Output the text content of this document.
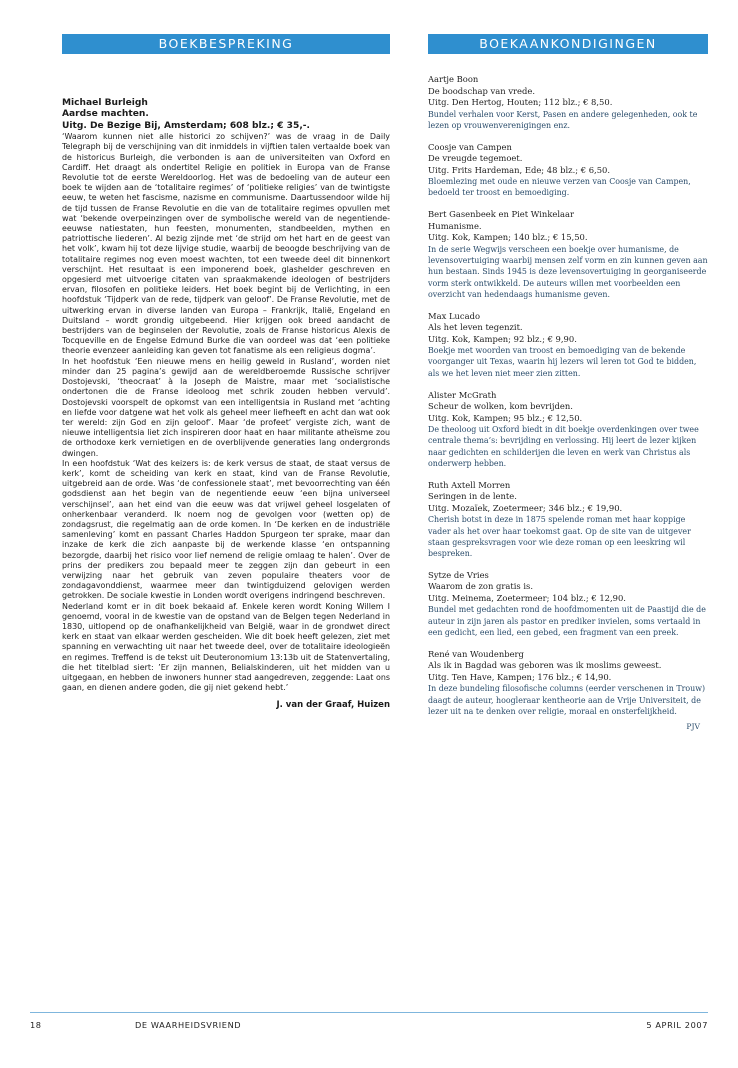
BOEKBESPREKING
Michael Burleigh
Aardse machten.
Uitg. De Bezige Bij, Amsterdam; 608 blz.; € 35,-.

‘Waarom kunnen niet alle historici zo schijven?’ was de vraag in de Daily Telegraph bij de verschijning van dit inmiddels in vijftien talen vertaalde boek van de historicus Burleigh, die verbonden is aan de universiteiten van Oxford en Cardiff. Het draagt als ondertitel Religie en politiek in Europa van de Franse Revolutie tot de eerste Wereldoorlog. Het was de bedoeling van de auteur een boek te wijden aan de ‘totalitaire regimes’ of ‘politieke religies’ van de twintigste eeuw, te weten het fascisme, nazisme en communisme. Daartussendoor wilde hij de tijd tussen de Franse Revolutie en die van de totalitaire regimes opvullen met wat ‘bekende overpeinzingen over de symbolische wereld van de negentiende-eeuwse natiestaten, hun feesten, monumenten, standbeelden, mythen en patriottische liederen’. Al bezig zijnde met ‘de strijd om het hart en de geest van het volk’, kwam hij tot deze lijvige studie, waarbij de beoogde beschrijving van de totalitaire regimes nog even moest wachten, tot een tweede deel dit binnenkort verschijnt. Het resultaat is een imponerend boek, glashelder geschreven en opgesierd met uitvoerige citaten van spraakmakende ideologen of bestrijders ervan, filosofen en politieke leiders. Het boek begint bij de Verlichting, in een hoofdstuk ‘Tijdperk van de rede, tijdperk van geloof’. De Franse Revolutie, met de uitwerking ervan in diverse landen van Europa – Frankrijk, Italië, Engeland en Duitsland – wordt grondig uitgebeend. Hier krijgen ook breed aandacht de bestrijders van de beginselen der Revolutie, zoals de Franse historicus Alexis de Tocqueville en de Engelse Edmund Burke die van oordeel was dat ‘een politieke theorie evenzeer aanleiding kan geven tot fanatisme als een religieus dogma’.

In het hoofdstuk ‘Een nieuwe mens en heilig geweld in Rusland’, worden niet minder dan 25 pagina’s gewijd aan de wereldberoemde Russische schrijver Dostojevski, ‘theocraat’ à la Joseph de Maistre, maar met ‘socialistische ondertonen die de Franse ideoloog met schrik zouden hebben vervuld’. Dostojevski voorspelt de opkomst van een intelligentsia in Rusland met ‘achting en liefde voor datgene wat het volk als geheel meer liefheeft en acht dan wat ook ter wereld: zijn God en zijn geloof’. Maar ‘de profeet’ vergiste zich, want de nieuwe intelligentsia liet zich inspireren door haat en haar militante atheïsme zou de orthodoxe kerk vernietigen en de overblijvende generaties lang ondergronds dwingen.

In een hoofdstuk ‘Wat des keizers is: de kerk versus de staat, de staat versus de kerk’, komt de scheiding van kerk en staat, kind van de Franse Revolutie, uitgebreid aan de orde. Was ‘de confessionele staat’, met bevoorrechting van één godsdienst aan het begin van de negentiende eeuw ‘een bijna universeel verschijnsel’, aan het eind van die eeuw was dat vrijwel geheel losgelaten of onherkenbaar veranderd. Ik noem nog de gevolgen voor (wetten op) de zondagsrust, die regelmatig aan de orde komen. In ‘De kerken en de industriële samenleving’ komt en passant Charles Haddon Spurgeon ter sprake, maar dan inzake de kerk die zich aanpaste bij de werkende klasse ‘en ontspanning bezorgde, daarbij het risico voor lief nemend de religie omlaag te halen’. Over de prins der predikers zou bepaald meer te zeggen zijn dan gebeurt in een verwijzing naar het gebruik van zeven populaire theaters voor de zondagavonddienst, waarmee meer dan twintigduizend gelovigen werden getrokken. De sociale kwestie in Londen wordt overigens indringend beschreven.

Nederland komt er in dit boek bekaaid af. Enkele keren wordt Koning Willem I genoemd, vooral in de kwestie van de opstand van de Belgen tegen Nederland in 1830, uitlopend op de onafhankelijkheid van België, waar in de grondwet direct kerk en staat van elkaar werden gescheiden. Wie dit boek heeft gelezen, ziet met spanning en verwachting uit naar het tweede deel, over de totalitaire ideologieën en regimes. Treffend is de tekst uit Deuteronomium 13:13b uit de Statenvertaling, die het titelblad siert: ’Er zijn mannen, Belialskinderen, uit het midden van u uitgegaan, en hebben de inwoners hunner stad aangedreven, zeggende: Laat ons gaan, en dienen andere goden, die gij niet gekend hebt.’

J. van der Graaf, Huizen
BOEKAANKONDIGINGEN
Aartje Boon
De boodschap van vrede.
Uitg. Den Hertog, Houten; 112 blz.; € 8,50.
Bundel verhalen voor Kerst, Pasen en andere gelegenheden, ook te lezen op vrouwenverenigingen enz.
Coosje van Campen
De vreugde tegemoet.
Uitg. Frits Hardeman, Ede; 48 blz.; € 6,50.
Bloemlezing met oude en nieuwe verzen van Coosje van Campen, bedoeld ter troost en bemoediging.
Bert Gasenbeek en Piet Winkelaar
Humanisme.
Uitg. Kok, Kampen; 140 blz.; € 15,50.
In de serie Wegwijs verscheen een boekje over humanisme, de levensovertuiging waarbij mensen zelf vorm en zin kunnen geven aan hun bestaan. Sinds 1945 is deze levensovertuiging in georganiseerde vorm sterk ontwikkeld. De auteurs willen met voorbeelden een overzicht van hedendaags humanisme geven.
Max Lucado
Als het leven tegenzit.
Uitg. Kok, Kampen; 92 blz.; € 9,90.
Boekje met woorden van troost en bemoediging van de bekende voorganger uit Texas, waarin hij lezers wil leren tot God te bidden, als we het leven niet meer zien zitten.
Alister McGrath
Scheur de wolken, kom bevrijden.
Uitg. Kok, Kampen; 95 blz.; € 12,50.
De theoloog uit Oxford biedt in dit boekje overdenkingen over twee centrale thema’s: bevrijding en verlossing. Hij leert de lezer kijken naar gedichten en schilderijen die leven en werk van Christus als onderwerp hebben.
Ruth Axtell Morren
Seringen in de lente.
Uitg. Mozaïek, Zoetermeer; 346 blz.; € 19,90.
Cherish botst in deze in 1875 spelende roman met haar koppige vader als het over haar toekomst gaat. Op de site van de uitgever staan gespreksvragen voor wie deze roman op een leeskring wil bespreken.
Sytze de Vries
Waarom de zon gratis is.
Uitg. Meinema, Zoetermeer; 104 blz.; € 12,90.
Bundel met gedachten rond de hoofdmomenten uit de Paastijd die de auteur in zijn jaren als pastor en prediker invielen, soms vertaald in een gedicht, een lied, een gebed, een fragment van een preek.
René van Woudenberg
Als ik in Bagdad was geboren was ik moslims geweest.
Uitg. Ten Have, Kampen; 176 blz.; € 14,90.
In deze bundeling filosofische columns (eerder verschenen in Trouw) daagt de auteur, hoogleraar kentheorie aan de Vrije Universiteit, de lezer uit na te denken over religie, moraal en onsterfelijkheid.
PJV
18	DE WAARHEIDSVRIEND	5 APRIL 2007
